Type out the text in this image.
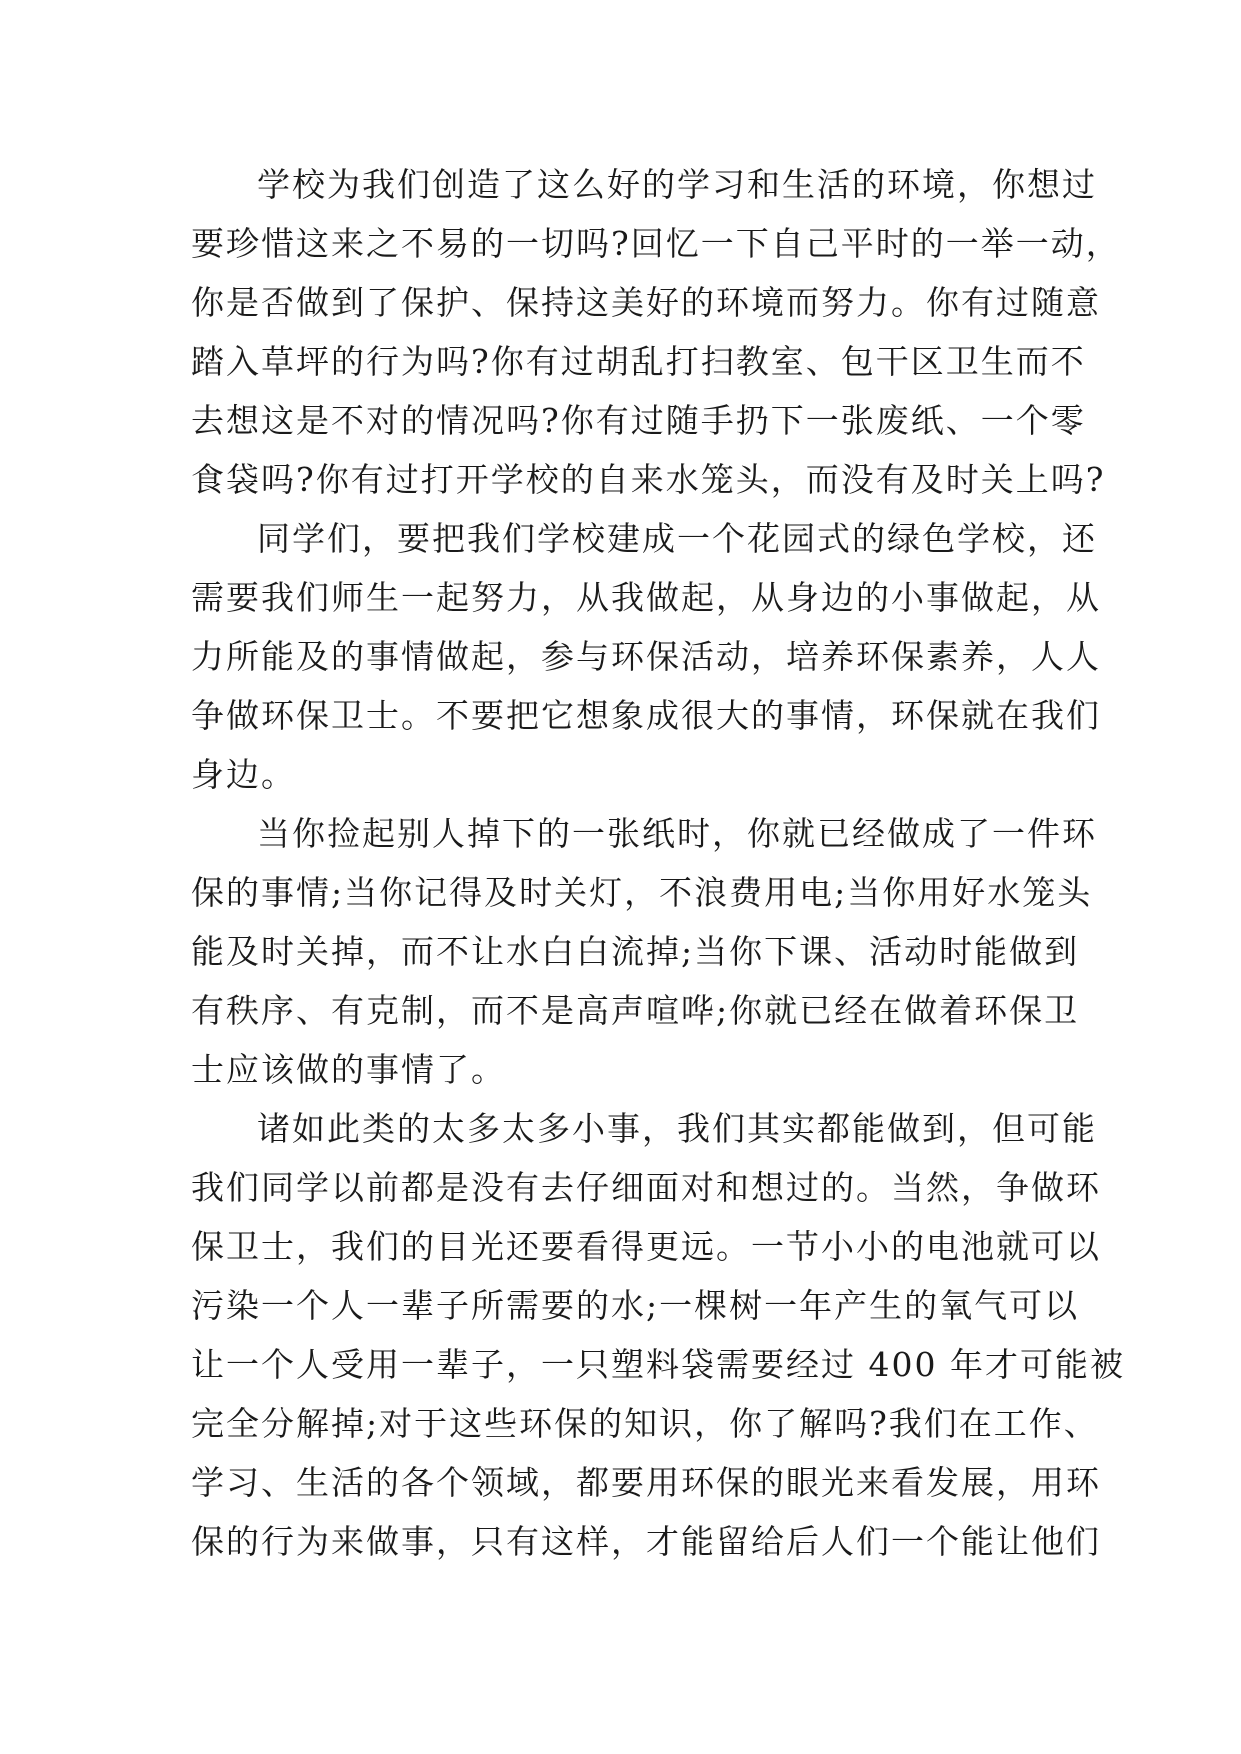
学校为我们创造了这么好的学习和生活的环境，你想过
要珍惜这来之不易的一切吗?回忆一下自己平时的一举一动，
你是否做到了保护、保持这美好的环境而努力。你有过随意
踏入草坪的行为吗?你有过胡乱打扫教室、包干区卫生而不
去想这是不对的情况吗?你有过随手扔下一张废纸、一个零
食袋吗?你有过打开学校的自来水笼头，而没有及时关上吗?
同学们，要把我们学校建成一个花园式的绿色学校，还
需要我们师生一起努力，从我做起，从身边的小事做起，从
力所能及的事情做起，参与环保活动，培养环保素养，人人
争做环保卫士。不要把它想象成很大的事情，环保就在我们
身边。
当你捡起别人掉下的一张纸时，你就已经做成了一件环
保的事情;当你记得及时关灯，不浪费用电;当你用好水笼头
能及时关掉，而不让水白白流掉;当你下课、活动时能做到
有秩序、有克制，而不是高声喧哗;你就已经在做着环保卫
士应该做的事情了。
诸如此类的太多太多小事，我们其实都能做到，但可能
我们同学以前都是没有去仔细面对和想过的。当然，争做环
保卫士，我们的目光还要看得更远。一节小小的电池就可以
污染一个人一辈子所需要的水;一棵树一年产生的氧气可以
让一个人受用一辈子，一只塑料袋需要经过 400 年才可能被
完全分解掉;对于这些环保的知识，你了解吗?我们在工作、
学习、生活的各个领域，都要用环保的眼光来看发展，用环
保的行为来做事，只有这样，才能留给后人们一个能让他们
